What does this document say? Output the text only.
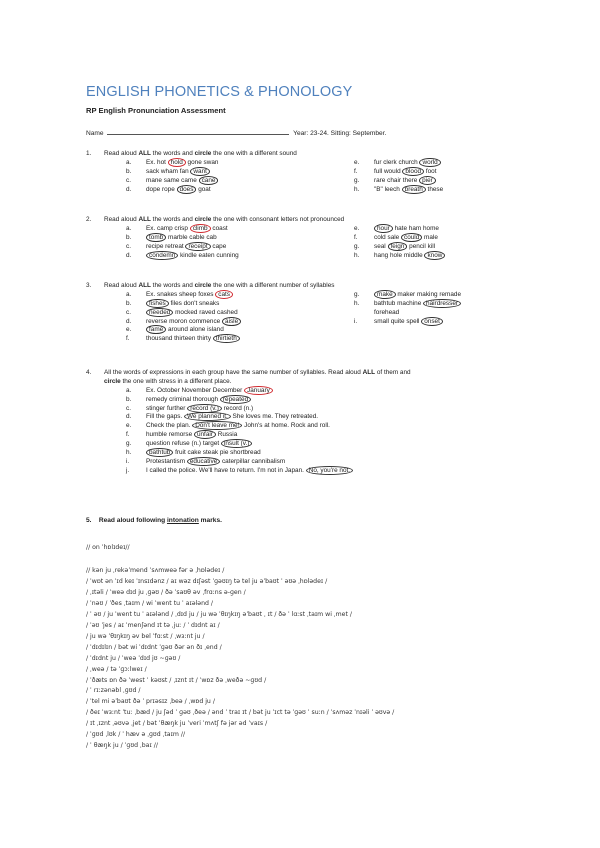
ENGLISH PHONETICS & PHONOLOGY
RP English Pronunciation Assessment
Name	Year: 23-24. Sitting: September.
1. Read aloud ALL the words and circle the one with a different sound
a. Ex. hot hold gone swan
b. sack wham fan want
c. mane same came cane
d. dope rope does goat
e. fur clerk church world
f.	full would blood foot
g. rare chair there pier
h. "B" leech breath these
2. Read aloud ALL the words and circle the one with consonant letters not pronounced
a. Ex. camp crisp climb coast
b.	tomb marble cable cab
c. recipe retreat receipt cape
d.	condemn kindle eaten cunning
e.	hour hate ham home
f.	cold sale could male
g. seal feign pencil kill
h. hang hole middle know
3. Read aloud ALL the words and circle the one with a different number of syllables
a. Ex. snakes sheep foxes cats
b.	fishes files don't sneaks
c.	needed mocked raved cashed
d. reverse moron commence aisle
e.	fame around alone island
f.	thousand thirteen thirty thirtieth
g.	make maker making remade
h. bathtub machine hairdresser
forehead
i.	small quite spell onset
4. All the words of expressions in each group have the same number of syllables. Read aloud ALL of them and
circle the one with stress in a different place.
a. Ex. October November December January
b. remedy criminal thorough repeated
c. stinger further record (v.) record (n.)
d. Fill the gaps. We planned it. She loves me. They retreated.
e. Check the plan. Don't leave me! John's at home. Rock and roll.
f.	humble remorse unfair Russia
g. question refuse (n.) target insult (v.)
h.	bathtub fruit cake steak pie shortbread
i.	Protestantism educative caterpillar cannibalism
j.	I called the police. We'll have to return. I'm not in Japan. No, you're not.
5. Read aloud following intonation marks.
// on ˈhɒlɪdeɪ//
// kən ju ˌrekəˈmend ˈsʌmweə fər ə ˌhɒlədeɪ /
/ ˈwɒt ən ˈɪd keɪ ˈɪnsɪdənz / aɪ wəz dɪʃəst ˈɡəʊɪŋ tə tel ju əˈbaʊt ˈ əʊə ˌhɒlədeɪ /
/ ˌɪtəli / ˈweə dɪd ju ˌɡəʊ / ðə ˈsaʊθ əv ˌfrɑːns ə-ɡen /
/ ˈnəʊ / ˈðes ˌtaɪm / wi ˈwent tu ˈ aɪələnd /
/ ˈ əʊ / ju ˈwent tu ˈ aɪələnd / ˌdɪd ju / ju wə ˈθɪŋkɪŋ əˈbaʊt ˌ ɪt / ðə ˈ lɑːst ˌtaɪm wi ˌmet /
/ ˈəʊ ˈjes / aɪ ˈmenʃənd ɪt tə ˌjuː / ˈ dɪdnt aɪ /
/ ju wə ˈθɪŋkɪŋ əv bel ˈfɑːst / ˌwɜːnt ju /
/ ˈdɪdɪlɪn / bət wi ˈdɪdnt ˈɡəʊ ðər ən ðɪ ˌend /
/ ˈdɪdnt ju / ˈweə ˈdɪd jʊ ~ɡəʊ /
/ ˌweə / tə ˈɡɔːlweɪ /
/ ˈðæts ɒn ðə ˈwest ˈ kəʊst / ˌɪznt ɪt / ˈwɒz ðə ˌweðə ~ɡʊd /
/ ˈ rɪːzənəbl ˌɡʊd /
/ ˈtel mi əˈbaʊt ðə ˈ prɪəsɪz ˌbeə / ˌwɒd ju /
/ ðeɪ ˈwɜːnt ˈtuː ˌbæd / ju ʃəd ˈ ɡəʊ ˌðeə / ənd ˈ traɪ ɪt / bət ju ˈɪct tə ˈɡəʊ ˈ suːn / ˈsʌməz ˈnɪəli ˈ əʊvə /
/ ɪt ˌɪznt ˌəʊvə ˌjet / bət ˈθæŋk ju ˈveri ˈmʌtʃ fə jər əd ˈvaɪs /
/ ˈɡʊd ˌlʊk / ˈ hæv ə ˌɡʊd ˌtaɪm //
/ ˈ θæŋk ju / ˈɡʊd ˌbaɪ //
